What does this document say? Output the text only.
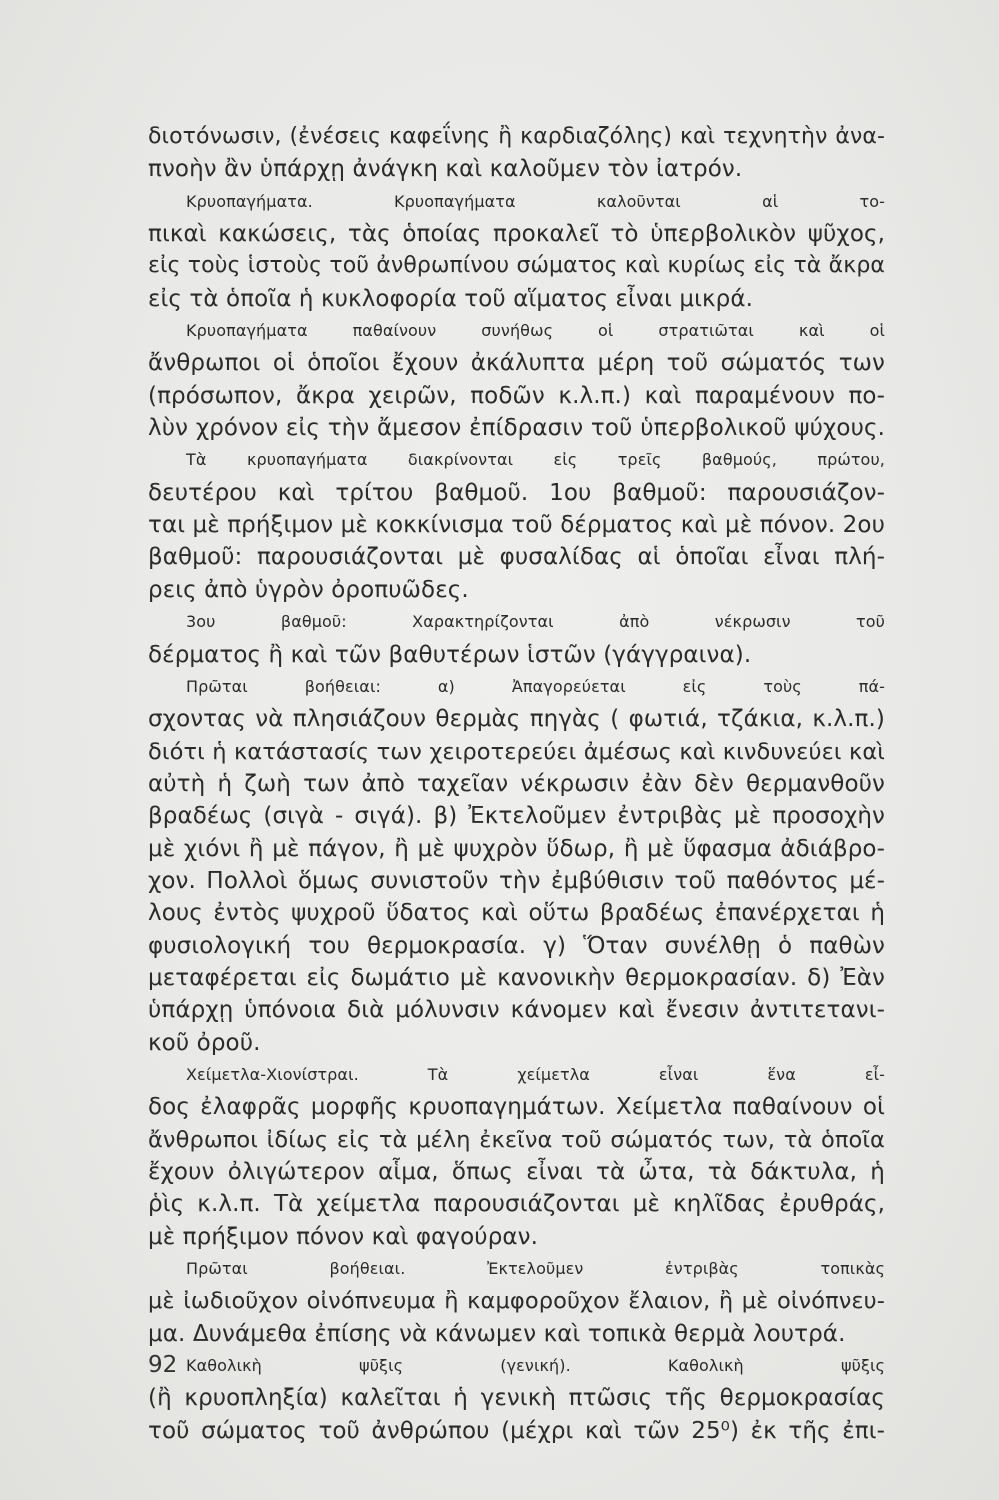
διοτόνωσιν, (ἐνέσεις καφεΐνης ἢ καρδιαζόλης) καὶ τεχνητὴν ἀνα-
πνοὴν ἂν ὑπάρχῃ ἀνάγκη καὶ καλοῦμεν τὸν ἰατρόν.
Κρυοπαγήματα. Κρυοπαγήματα καλοῦνται αἱ το-
πικαὶ κακώσεις, τὰς ὁποίας προκαλεῖ τὸ ὑπερβολικὸν ψῦχος,
εἰς τοὺς ἱστοὺς τοῦ ἀνθρωπίνου σώματος καὶ κυρίως εἰς τὰ ἄκρα
εἰς τὰ ὁποῖα ἡ κυκλοφορία τοῦ αἵματος εἶναι μικρά.
Κρυοπαγήματα παθαίνουν συνήθως οἱ στρατιῶται καὶ οἱ
ἄνθρωποι οἱ ὁποῖοι ἔχουν ἀκάλυπτα μέρη τοῦ σώματός των
(πρόσωπον, ἄκρα χειρῶν, ποδῶν κ.λ.π.) καὶ παραμένουν πο-
λὺν χρόνον εἰς τὴν ἄμεσον ἐπίδρασιν τοῦ ὑπερβολικοῦ ψύχους.
Τὰ κρυοπαγήματα διακρίνονται εἰς τρεῖς βαθμούς, πρώτου,
δευτέρου καὶ τρίτου βαθμοῦ. 1ου βαθμοῦ: παρουσιάζον-
ται μὲ πρήξιμον μὲ κοκκίνισμα τοῦ δέρματος καὶ μὲ πόνον. 2ου
βαθμοῦ: παρουσιάζονται μὲ φυσαλίδας αἱ ὁποῖαι εἶναι πλή-
ρεις ἀπὸ ὑγρὸν ὀροπυῶδες.
3ου βαθμοῦ: Χαρακτηρίζονται ἀπὸ νέκρωσιν τοῦ
δέρματος ἢ καὶ τῶν βαθυτέρων ἱστῶν (γάγγραινα).
Πρῶται βοήθειαι: α) Ἀπαγορεύεται εἰς τοὺς πά-
σχοντας νὰ πλησιάζουν θερμὰς πηγὰς ( φωτιά, τζάκια, κ.λ.π.)
διότι ἡ κατάστασίς των χειροτερεύει ἀμέσως καὶ κινδυνεύει καὶ
αὐτὴ ἡ ζωὴ των ἀπὸ ταχεῖαν νέκρωσιν ἐὰν δὲν θερμανθοῦν
βραδέως (σιγὰ - σιγά). β) Ἐκτελοῦμεν ἐντριβὰς μὲ προσοχὴν
μὲ χιόνι ἢ μὲ πάγον, ἢ μὲ ψυχρὸν ὕδωρ, ἢ μὲ ὕφασμα ἀδιάβρο-
χον. Πολλοὶ ὅμως συνιστοῦν τὴν ἐμβύθισιν τοῦ παθόντος μέ-
λους ἐντὸς ψυχροῦ ὕδατος καὶ οὕτω βραδέως ἐπανέρχεται ἡ
φυσιολογική του θερμοκρασία. γ) Ὅταν συνέλθῃ ὁ παθὼν
μεταφέρεται εἰς δωμάτιο μὲ κανονικὴν θερμοκρασίαν. δ) Ἐὰν
ὑπάρχῃ ὑπόνοια διὰ μόλυνσιν κάνομεν καὶ ἔνεσιν ἀντιτετανι-
κοῦ ὀροῦ.
Χείμετλα-Χιονίστραι. Τὰ χείμετλα εἶναι ἕνα εἶ-
δος ἐλαφρᾶς μορφῆς κρυοπαγημάτων. Χείμετλα παθαίνουν οἱ
ἄνθρωποι ἰδίως εἰς τὰ μέλη ἐκεῖνα τοῦ σώματός των, τὰ ὁποῖα
ἔχουν ὀλιγώτερον αἷμα, ὅπως εἶναι τὰ ὦτα, τὰ δάκτυλα, ἡ
ῥὶς κ.λ.π. Τὰ χείμετλα παρουσιάζονται μὲ κηλῖδας ἐρυθράς,
μὲ πρήξιμον πόνον καὶ φαγούραν.
Πρῶται βοήθειαι. Ἐκτελοῦμεν ἐντριβὰς τοπικὰς
μὲ ἰωδιοῦχον οἰνόπνευμα ἢ καμφοροῦχον ἔλαιον, ἢ μὲ οἰνόπνευ-
μα. Δυνάμεθα ἐπίσης νὰ κάνωμεν καὶ τοπικὰ θερμὰ λουτρά.
Καθολικὴ ψῦξις (γενική). Καθολικὴ ψῦξις
(ἢ κρυοπληξία) καλεῖται ἡ γενικὴ πτῶσις τῆς θερμοκρασίας
τοῦ σώματος τοῦ ἀνθρώπου (μέχρι καὶ τῶν 25⁰) ἐκ τῆς ἐπι-
92
